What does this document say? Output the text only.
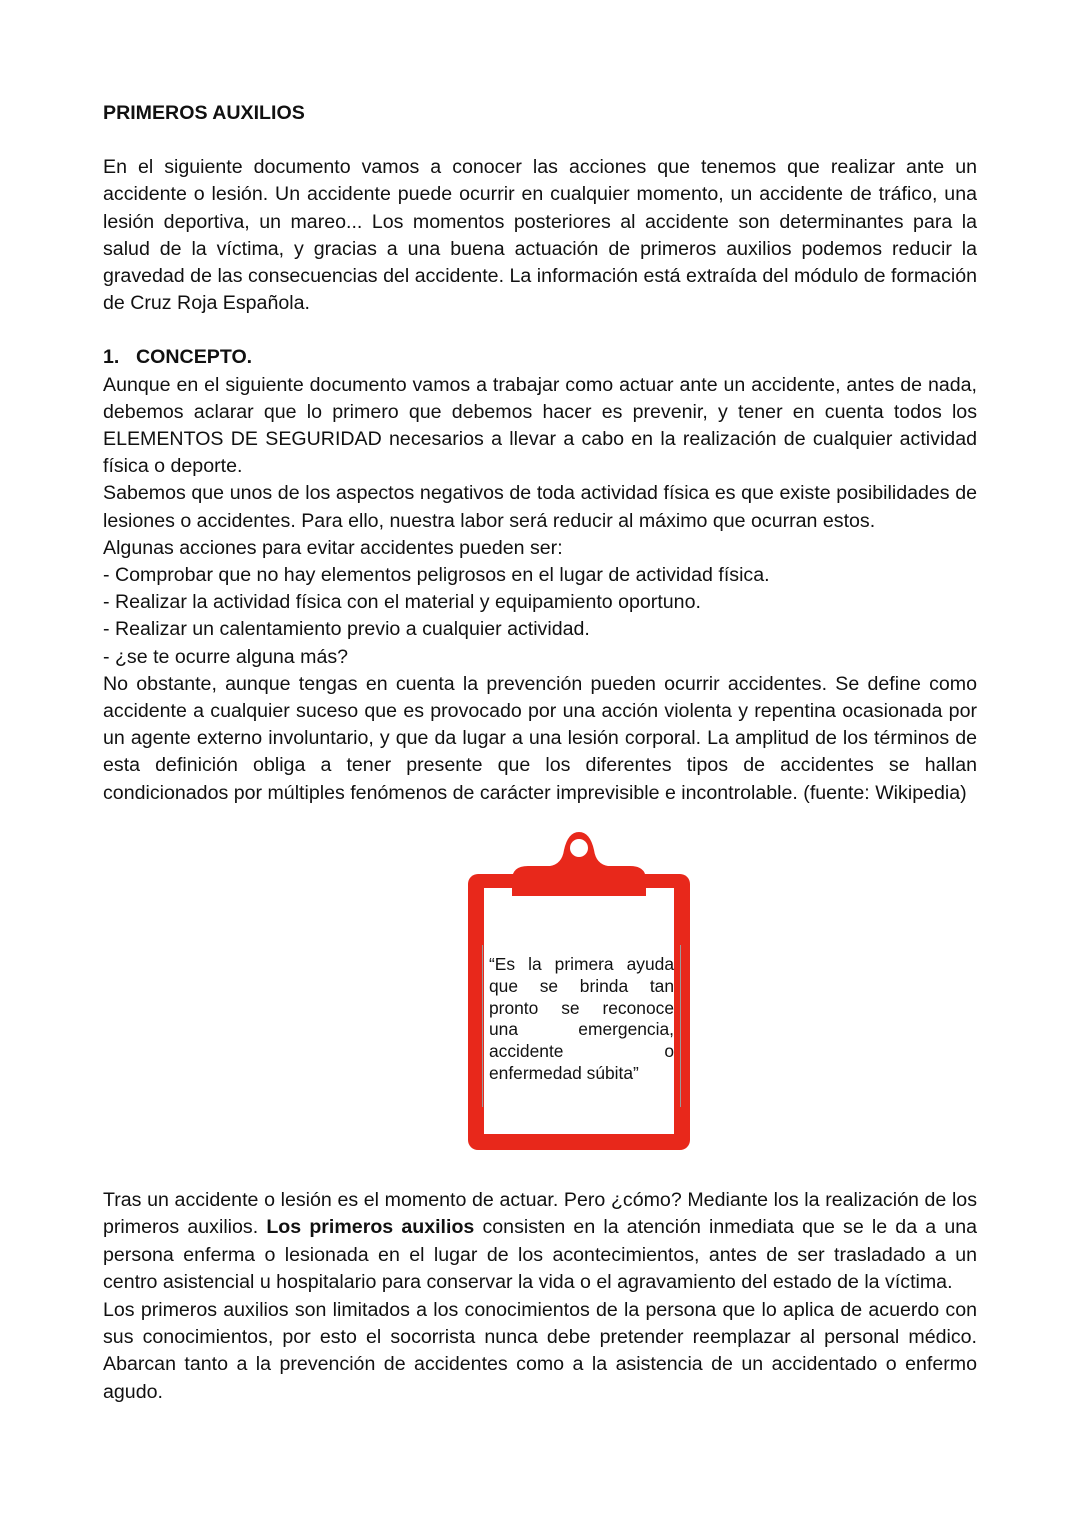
PRIMEROS AUXILIOS

En el siguiente documento vamos a conocer las acciones que tenemos que realizar ante un accidente o lesión. Un accidente puede ocurrir en cualquier momento, un accidente de tráfico, una lesión deportiva, un mareo... Los momentos posteriores al accidente son determinantes para la salud de la víctima, y gracias a una buena actuación de primeros auxilios podemos reducir la gravedad de las consecuencias del accidente. La información está extraída del módulo de formación de Cruz Roja Española.

1. CONCEPTO.

Aunque en el siguiente documento vamos a trabajar como actuar ante un accidente, antes de nada, debemos aclarar que lo primero que debemos hacer es prevenir, y tener en cuenta todos los ELEMENTOS DE SEGURIDAD necesarios a llevar a cabo en la realización de cualquier actividad física o deporte.

Sabemos que unos de los aspectos negativos de toda actividad física es que existe posibilidades de lesiones o accidentes. Para ello, nuestra labor será reducir al máximo que ocurran estos.

Algunas acciones para evitar accidentes pueden ser:

- Comprobar que no hay elementos peligrosos en el lugar de actividad física.

- Realizar la actividad física con el material y equipamiento oportuno.

- Realizar un calentamiento previo a cualquier actividad.

- ¿se te ocurre alguna más?

No obstante, aunque tengas en cuenta la prevención pueden ocurrir accidentes. Se define como accidente a cualquier suceso que es provocado por una acción violenta y repentina ocasionada por un agente externo involuntario, y que da lugar a una lesión corporal. La amplitud de los términos de esta definición obliga a tener presente que los diferentes tipos de accidentes se hallan condicionados por múltiples fenómenos de carácter imprevisible e incontrolable. (fuente: Wikipedia)

“Es la primera ayuda
que se brinda tan
pronto se reconoce
una emergencia,
accidente o
enfermedad súbita”

Tras un accidente o lesión es el momento de actuar. Pero ¿cómo? Mediante los la realización de los primeros auxilios. Los primeros auxilios consisten en la atención inmediata que se le da a una persona enferma o lesionada en el lugar de los acontecimientos, antes de ser trasladado a un centro asistencial u hospitalario para conservar la vida o el agravamiento del estado de la víctima.

Los primeros auxilios son limitados a los conocimientos de la persona que lo aplica de acuerdo con sus conocimientos, por esto el socorrista nunca debe pretender reemplazar al personal médico. Abarcan tanto a la prevención de accidentes como a la asistencia de un accidentado o enfermo agudo.
